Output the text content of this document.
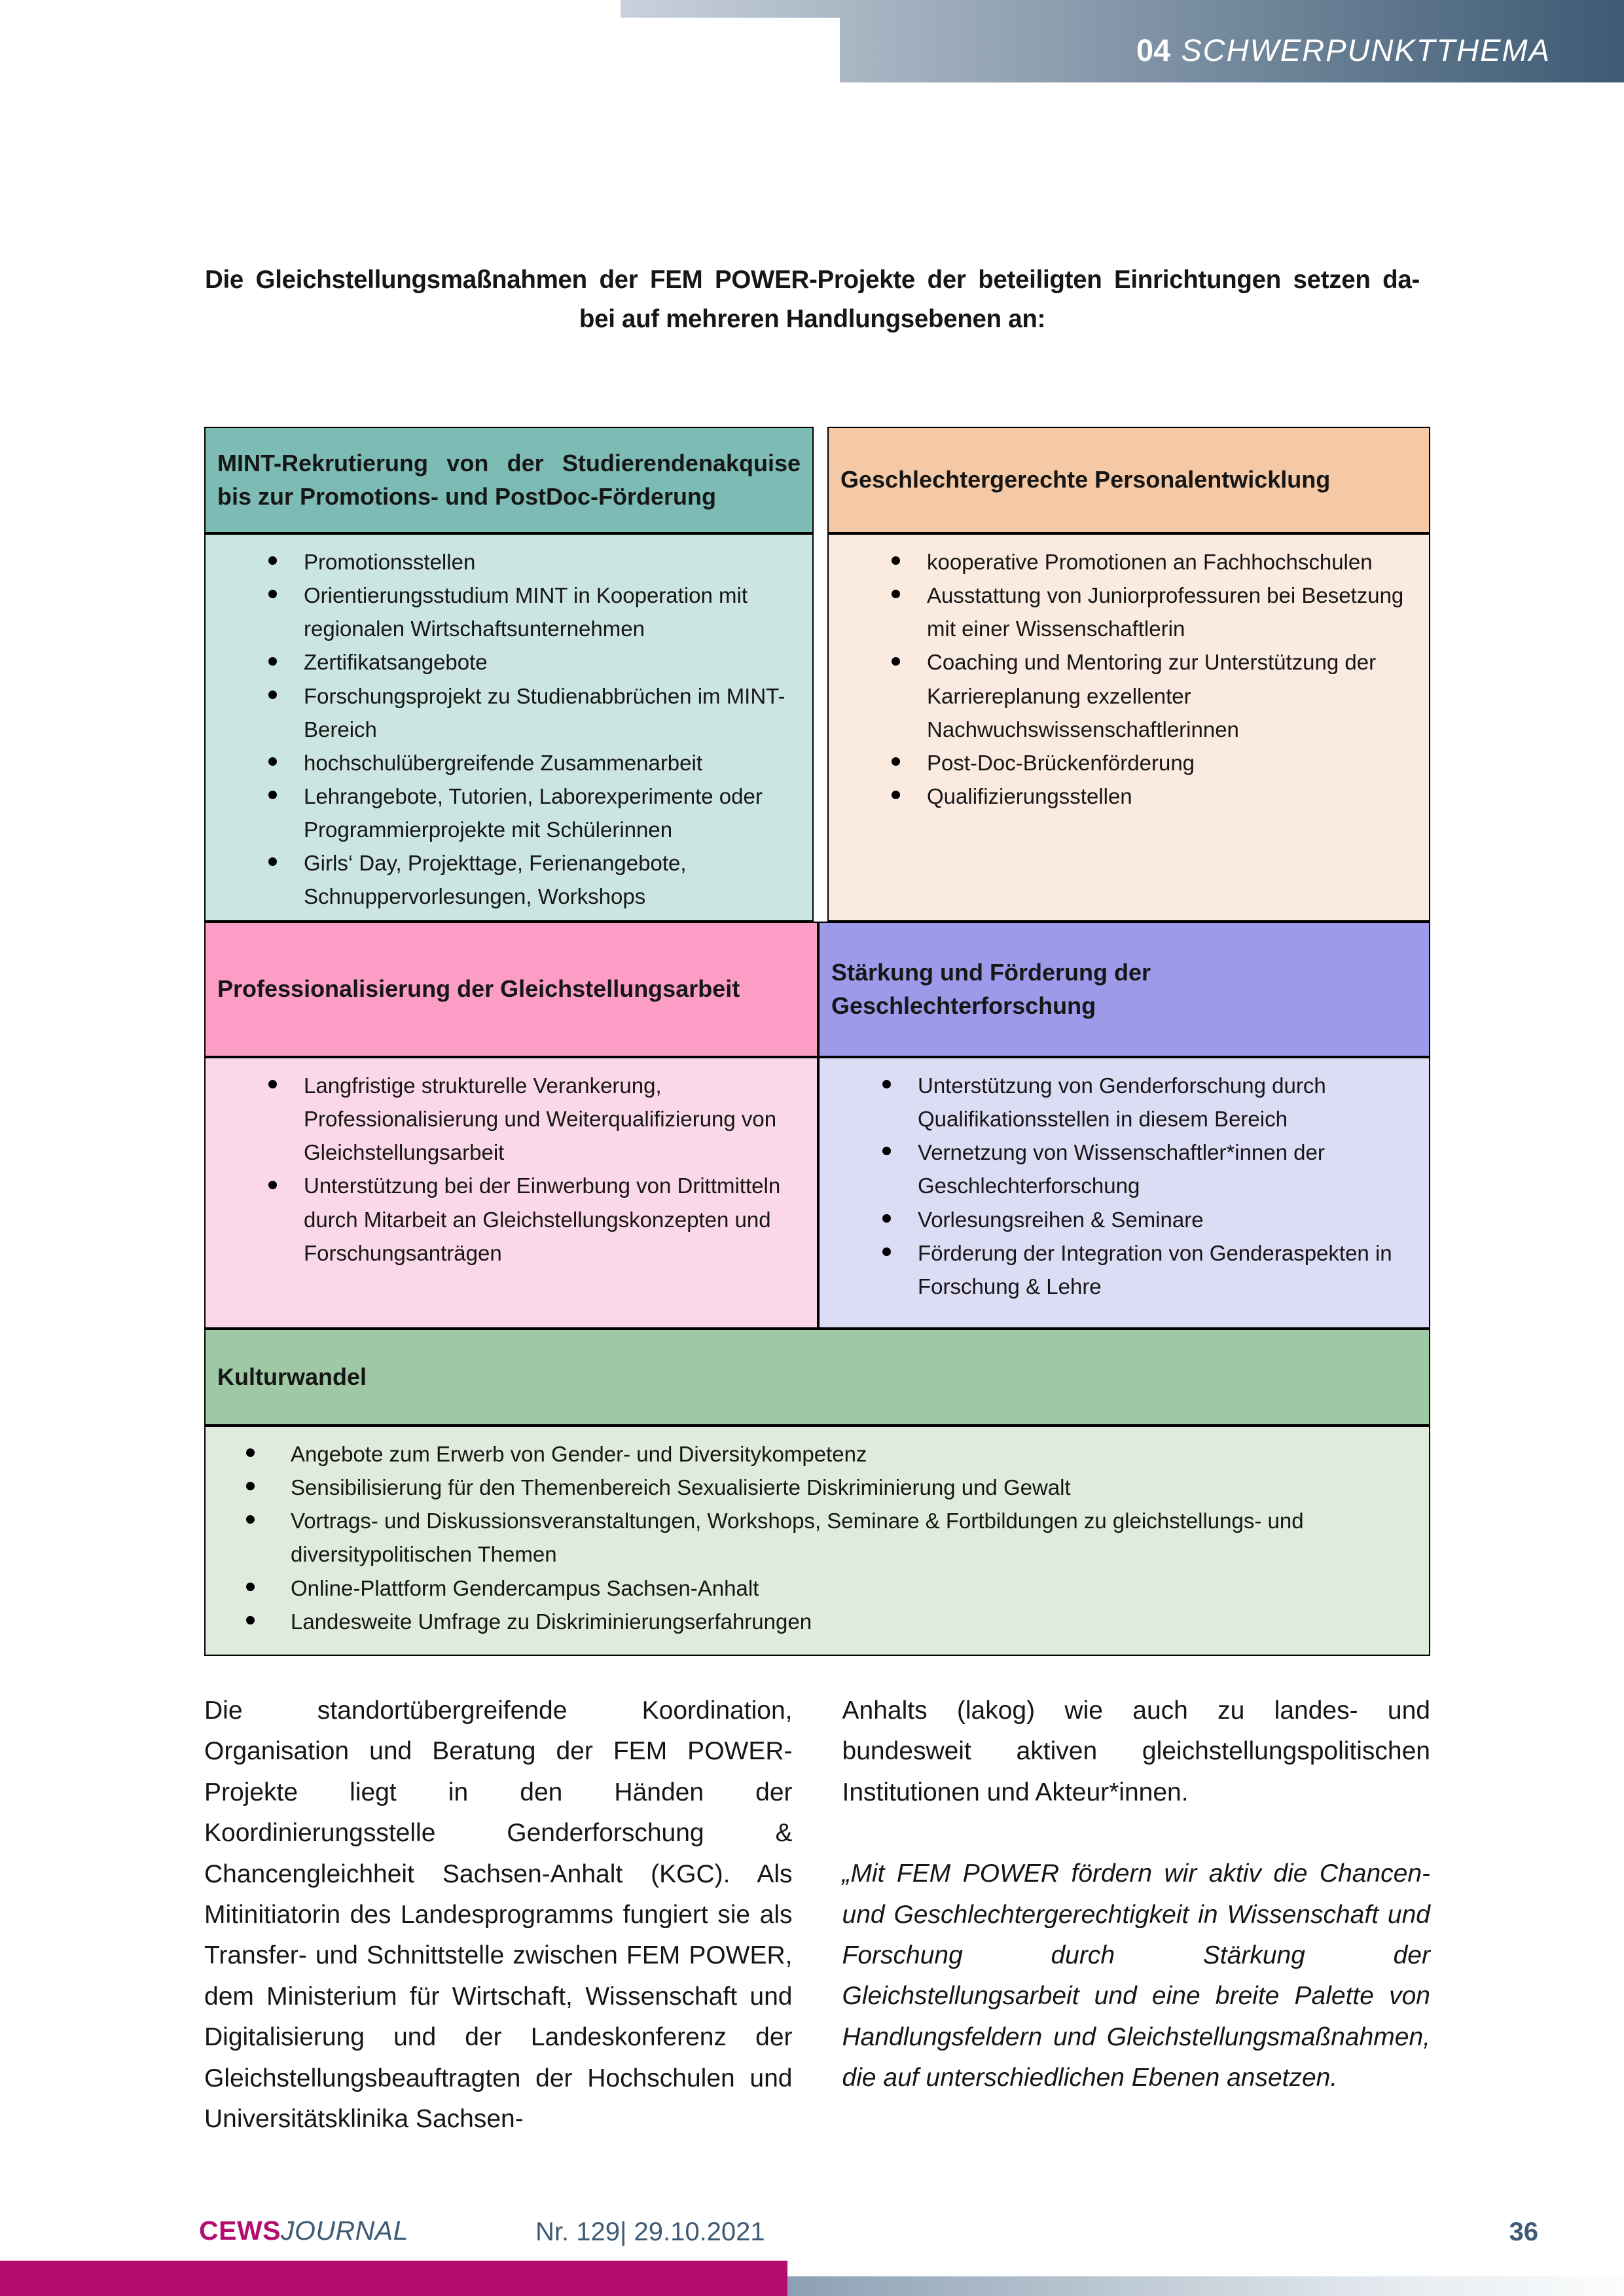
04 SCHWERPUNKTTHEMA
Die Gleichstellungsmaßnahmen der FEM POWER-Projekte der beteiligten Einrichtungen setzen da-
bei auf mehreren Handlungsebenen an:
MINT-Rekrutierung von der Studierendenakquise bis zur Promotions- und PostDoc-Förderung
Promotionsstellen
Orientierungsstudium MINT in Kooperation mit regionalen Wirtschaftsunternehmen
Zertifikatsangebote
Forschungsprojekt zu Studienabbrüchen im MINT-Bereich
hochschulübergreifende Zusammenarbeit
Lehrangebote, Tutorien, Laborexperimente oder Programmierprojekte mit Schülerinnen
Girls‘ Day, Projekttage, Ferienangebote, Schnuppervorlesungen, Workshops
Geschlechtergerechte Personalentwicklung
kooperative Promotionen an Fachhochschulen
Ausstattung von Juniorprofessuren bei Besetzung mit einer Wissenschaftlerin
Coaching und Mentoring zur Unterstützung der Karriereplanung exzellenter Nachwuchswissenschaftlerinnen
Post-Doc-Brückenförderung
Qualifizierungsstellen
Professionalisierung der Gleichstellungsarbeit
Langfristige strukturelle Verankerung, Professionalisierung und Weiterqualifizierung von Gleichstellungsarbeit
Unterstützung bei der Einwerbung von Drittmitteln durch Mitarbeit an Gleichstellungskonzepten und Forschungsanträgen
Stärkung und Förderung der Geschlechterforschung
Unterstützung von Genderforschung durch Qualifikationsstellen in diesem Bereich
Vernetzung von Wissenschaftler*innen der Geschlechterforschung
Vorlesungsreihen & Seminare
Förderung der Integration von Genderaspekten in Forschung & Lehre
Kulturwandel
Angebote zum Erwerb von Gender- und Diversitykompetenz
Sensibilisierung für den Themenbereich Sexualisierte Diskriminierung und Gewalt
Vortrags- und Diskussionsveranstaltungen, Workshops, Seminare & Fortbildungen zu gleichstellungs- und diversitypolitischen Themen
Online-Plattform Gendercampus Sachsen-Anhalt
Landesweite Umfrage zu Diskriminierungserfahrungen

Die standortübergreifende Koordination, Organisation und Beratung der FEM POWER-Projekte liegt in den Händen der Koordinierungsstelle Genderforschung & Chancengleichheit Sachsen-Anhalt (KGC). Als Mitinitiatorin des Landesprogramms fungiert sie als Transfer- und Schnittstelle zwischen FEM POWER, dem Ministerium für Wirtschaft, Wissenschaft und Digitalisierung und der Landeskonferenz der Gleichstellungsbeauftragten der Hochschulen und Universitätsklinika Sachsen-

Anhalts (lakog) wie auch zu landes- und bundesweit aktiven gleichstellungspolitischen Institutionen und Akteur*innen.

„Mit FEM POWER fördern wir aktiv die Chancen- und Geschlechtergerechtigkeit in Wissenschaft und Forschung durch Stärkung der Gleichstellungsarbeit und eine breite Palette von Handlungsfeldern und Gleichstellungsmaßnahmen, die auf unterschiedlichen Ebenen ansetzen.

CEWSJOURNAL	Nr. 129| 29.10.2021	36
